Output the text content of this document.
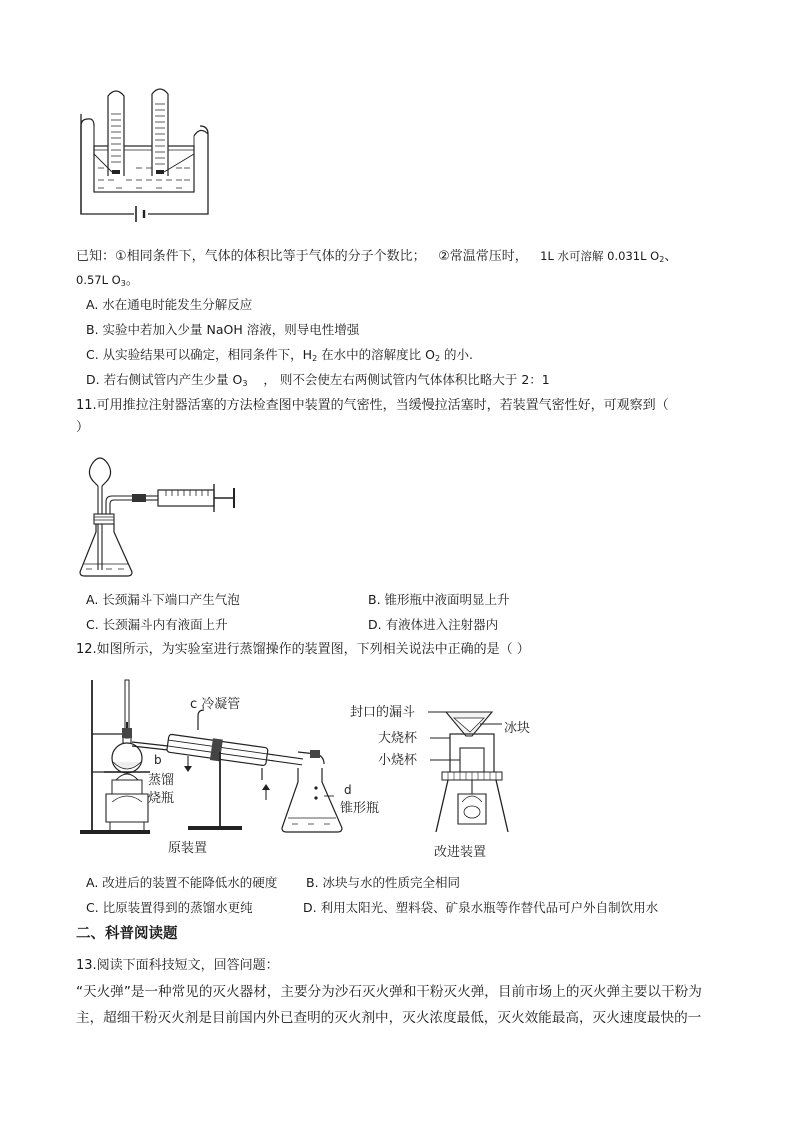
已知：①相同条件下，气体的体积比等于气体的分子个数比； ②常温常压时， 1L 水可溶解 0.031L $O_2$、
0.57L $O_3$。
A. 水在通电时能发生分解反应
B. 实验中若加入少量 NaOH 溶液，则导电性增强
C. 从实验结果可以确定，相同条件下，$H_2$ 在水中的溶解度比 $O_2$ 的小.
D. 若右侧试管内产生少量 $O_3$ ， 则不会使左右两侧试管内气体体积比略大于 2：1
11.可用推拉注射器活塞的方法检查图中装置的气密性，当缓慢拉活塞时，若装置气密性好，可观察到（
）
A. 长颈漏斗下端口产生气泡	B. 锥形瓶中液面明显上升
C. 长颈漏斗内有液面上升	D. 有液体进入注射器内
12.如图所示，为实验室进行蒸馏操作的装置图，下列相关说法中正确的是（ ）
b
蒸馏
烧瓶
c 冷凝管
d
锥形瓶
原装置
封口的漏斗
冰块
大烧杯
小烧杯
改进装置
A. 改进后的装置不能降低水的硬度 B. 冰块与水的性质完全相同
C. 比原装置得到的蒸馏水更纯	D. 利用太阳光、塑料袋、矿泉水瓶等作替代品可户外自制饮用水
二、科普阅读题
13.阅读下面科技短文，回答问题：
“天火弹”是一种常见的灭火器材，主要分为沙石灭火弹和干粉灭火弹，目前市场上的灭火弹主要以干粉为
主，超细干粉灭火剂是目前国内外已查明的灭火剂中，灭火浓度最低，灭火效能最高，灭火速度最快的一
